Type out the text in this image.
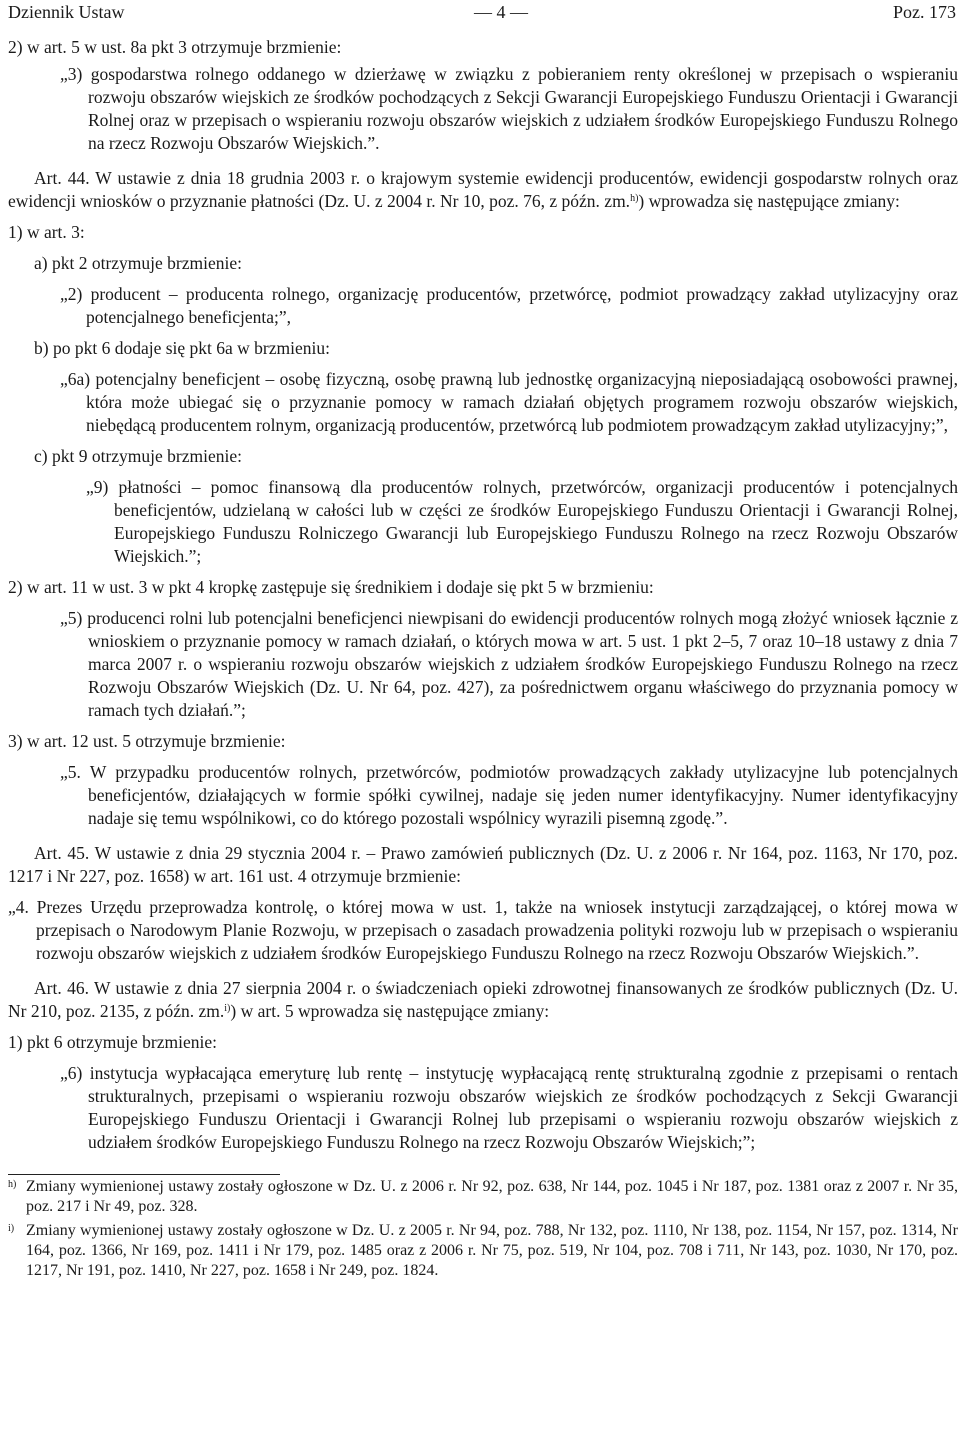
Dziennik Ustaw	— 4 —	Poz. 173

2) w art. 5 w ust. 8a pkt 3 otrzymuje brzmienie:

„3) gospodarstwa rolnego oddanego w dzierżawę w związku z pobieraniem renty określonej w przepisach o wspieraniu rozwoju obszarów wiejskich ze środków pochodzących z Sekcji Gwarancji Europejskiego Funduszu Orientacji i Gwarancji Rolnej oraz w przepisach o wspieraniu rozwoju obszarów wiejskich z udziałem środków Europejskiego Funduszu Rolnego na rzecz Rozwoju Obszarów Wiejskich.”.

Art. 44. W ustawie z dnia 18 grudnia 2003 r. o krajowym systemie ewidencji producentów, ewidencji gospodarstw rolnych oraz ewidencji wniosków o przyznanie płatności (Dz. U. z 2004 r. Nr 10, poz. 76, z późn. zm.$^{h)}$) wprowadza się następujące zmiany:

1) w art. 3:

a) pkt 2 otrzymuje brzmienie:

„2) producent – producenta rolnego, organizację producentów, przetwórcę, podmiot prowadzący zakład utylizacyjny oraz potencjalnego beneficjenta;”,

b) po pkt 6 dodaje się pkt 6a w brzmieniu:

„6a) potencjalny beneficjent – osobę fizyczną, osobę prawną lub jednostkę organizacyjną nieposiadającą osobowości prawnej, która może ubiegać się o przyznanie pomocy w ramach działań objętych programem rozwoju obszarów wiejskich, niebędącą producentem rolnym, organizacją producentów, przetwórcą lub podmiotem prowadzącym zakład utylizacyjny;”,

c) pkt 9 otrzymuje brzmienie:

„9) płatności – pomoc finansową dla producentów rolnych, przetwórców, organizacji producentów i potencjalnych beneficjentów, udzielaną w całości lub w części ze środków Europejskiego Funduszu Orientacji i Gwarancji Rolnej, Europejskiego Funduszu Rolniczego Gwarancji lub Europejskiego Funduszu Rolnego na rzecz Rozwoju Obszarów Wiejskich.”;

2) w art. 11 w ust. 3 w pkt 4 kropkę zastępuje się średnikiem i dodaje się pkt 5 w brzmieniu:

„5) producenci rolni lub potencjalni beneficjenci niewpisani do ewidencji producentów rolnych mogą złożyć wniosek łącznie z wnioskiem o przyznanie pomocy w ramach działań, o których mowa w art. 5 ust. 1 pkt 2–5, 7 oraz 10–18 ustawy z dnia 7 marca 2007 r. o wspieraniu rozwoju obszarów wiejskich z udziałem środków Europejskiego Funduszu Rolnego na rzecz Rozwoju Obszarów Wiejskich (Dz. U. Nr 64, poz. 427), za pośrednictwem organu właściwego do przyznania pomocy w ramach tych działań.”;

3) w art. 12 ust. 5 otrzymuje brzmienie:

„5. W przypadku producentów rolnych, przetwórców, podmiotów prowadzących zakłady utylizacyjne lub potencjalnych beneficjentów, działających w formie spółki cywilnej, nadaje się jeden numer identyfikacyjny. Numer identyfikacyjny nadaje się temu wspólnikowi, co do którego pozostali wspólnicy wyrazili pisemną zgodę.”.

Art. 45. W ustawie z dnia 29 stycznia 2004 r. – Prawo zamówień publicznych (Dz. U. z 2006 r. Nr 164, poz. 1163, Nr 170, poz. 1217 i Nr 227, poz. 1658) w art. 161 ust. 4 otrzymuje brzmienie:

„4. Prezes Urzędu przeprowadza kontrolę, o której mowa w ust. 1, także na wniosek instytucji zarządzającej, o której mowa w przepisach o Narodowym Planie Rozwoju, w przepisach o zasadach prowadzenia polityki rozwoju lub w przepisach o wspieraniu rozwoju obszarów wiejskich z udziałem środków Europejskiego Funduszu Rolnego na rzecz Rozwoju Obszarów Wiejskich.”.

Art. 46. W ustawie z dnia 27 sierpnia 2004 r. o świadczeniach opieki zdrowotnej finansowanych ze środków publicznych (Dz. U. Nr 210, poz. 2135, z późn. zm.$^{i)}$) w art. 5 wprowadza się następujące zmiany:

1) pkt 6 otrzymuje brzmienie:

„6) instytucja wypłacająca emeryturę lub rentę – instytucję wypłacającą rentę strukturalną zgodnie z przepisami o rentach strukturalnych, przepisami o wspieraniu rozwoju obszarów wiejskich ze środków pochodzących z Sekcji Gwarancji Europejskiego Funduszu Orientacji i Gwarancji Rolnej lub przepisami o wspieraniu rozwoju obszarów wiejskich z udziałem środków Europejskiego Funduszu Rolnego na rzecz Rozwoju Obszarów Wiejskich;”;

h) Zmiany wymienionej ustawy zostały ogłoszone w Dz. U. z 2006 r. Nr 92, poz. 638, Nr 144, poz. 1045 i Nr 187, poz. 1381 oraz z 2007 r. Nr 35, poz. 217 i Nr 49, poz. 328.

i) Zmiany wymienionej ustawy zostały ogłoszone w Dz. U. z 2005 r. Nr 94, poz. 788, Nr 132, poz. 1110, Nr 138, poz. 1154, Nr 157, poz. 1314, Nr 164, poz. 1366, Nr 169, poz. 1411 i Nr 179, poz. 1485 oraz z 2006 r. Nr 75, poz. 519, Nr 104, poz. 708 i 711, Nr 143, poz. 1030, Nr 170, poz. 1217, Nr 191, poz. 1410, Nr 227, poz. 1658 i Nr 249, poz. 1824.
